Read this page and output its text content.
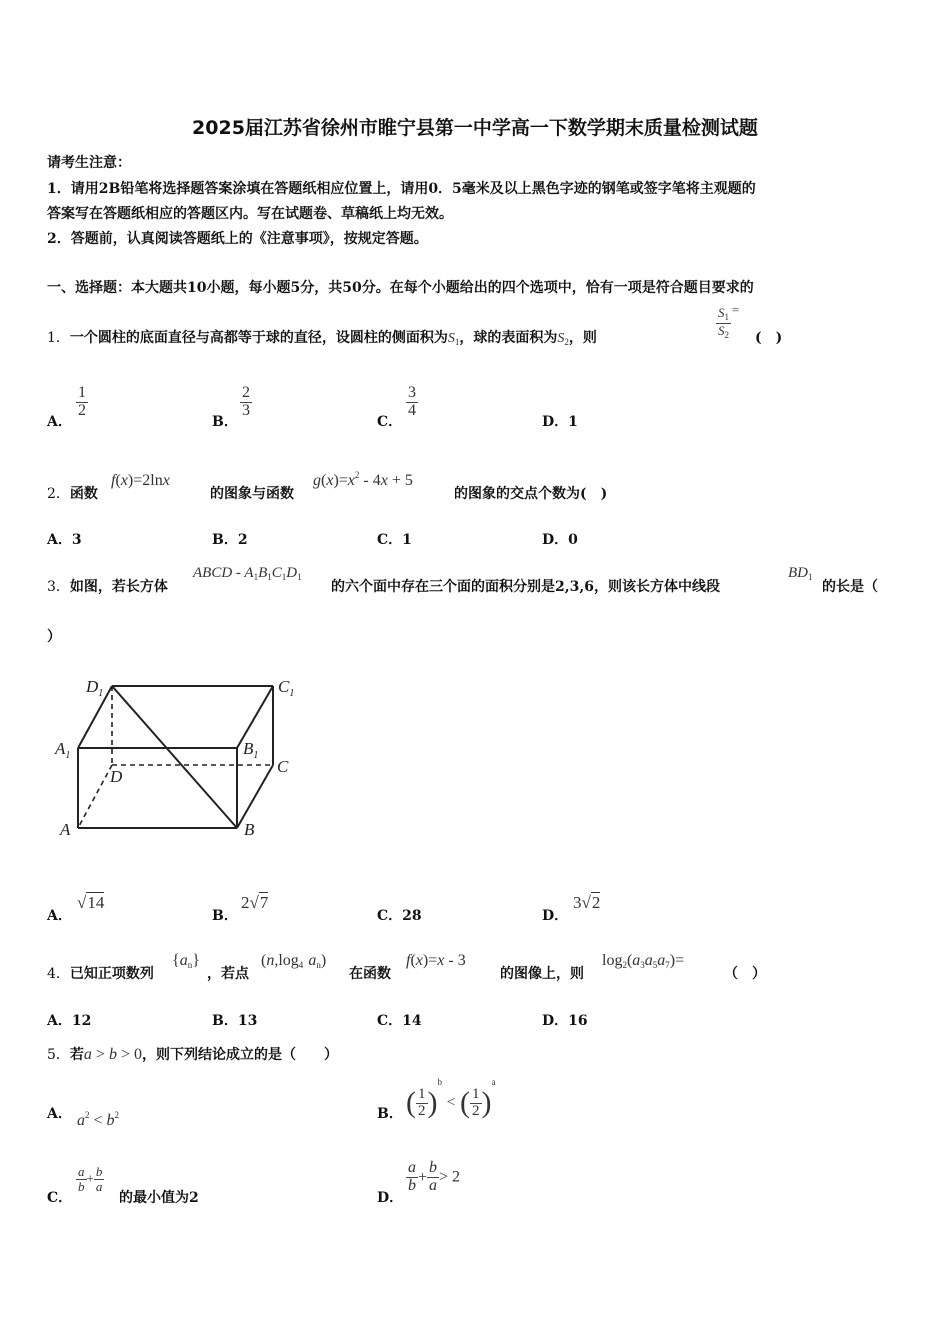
2025届江苏省徐州市睢宁县第一中学高一下数学期末质量检测试题
请考生注意：
1．请用2B铅笔将选择题答案涂填在答题纸相应位置上，请用0．5毫米及以上黑色字迹的钢笔或签字笔将主观题的
答案写在答题纸相应的答题区内。写在试题卷、草稿纸上均无效。
2．答题前，认真阅读答题纸上的《注意事项》，按规定答题。
一、选择题：本大题共10小题，每小题5分，共50分。在每个小题给出的四个选项中，恰有一项是符合题目要求的
1．一个圆柱的底面直径与高都等于球的直径，设圆柱的侧面积为$S_1$，球的表面积为$S_2$，则	$\frac{S_1}{S_2}$ =
(　)
A．
$\frac{1}{2}$
B．
$\frac{2}{3}$
C．
$\frac{3}{4}$
D．1
2．函数
f(x)=2lnx
的图象与函数
$g(x)=x^2 - 4x + 5$
的图象的交点个数为(　)
A．3	B．2	C．1	D．0
3．如图，若长方体
ABCD - $A_1B_1C_1D_1$
的六个面中存在三个面的面积分别是2,3,6，则该长方体中线段
$BD_1$
的长是（
）
$D_1$	$C_1$
$A_1$	$B_1$
D
C
A	B
A．
√14
B．
2√7
C．28	D．
3√2
4．已知正项数列
$\{a_n\}$
，若点
($n,\log_4$ $a_n$)
在函数
f(x)=x - 3
的图像上，则
$\log_2(a_3a_5a_7)=$
（　）
A．12	B．13	C．14	D．16
5．若a > b > 0，则下列结论成立的是（　　）
A． $a^2 < b^2$	B． ( $\frac{1}{2} )^b$ < ( $\frac{1}{2} )^a$
C．
$\frac{a}{b} + \frac{b}{a}$
的最小值为2	D．
$\frac{a}{b} + \frac{b}{a} > 2$
